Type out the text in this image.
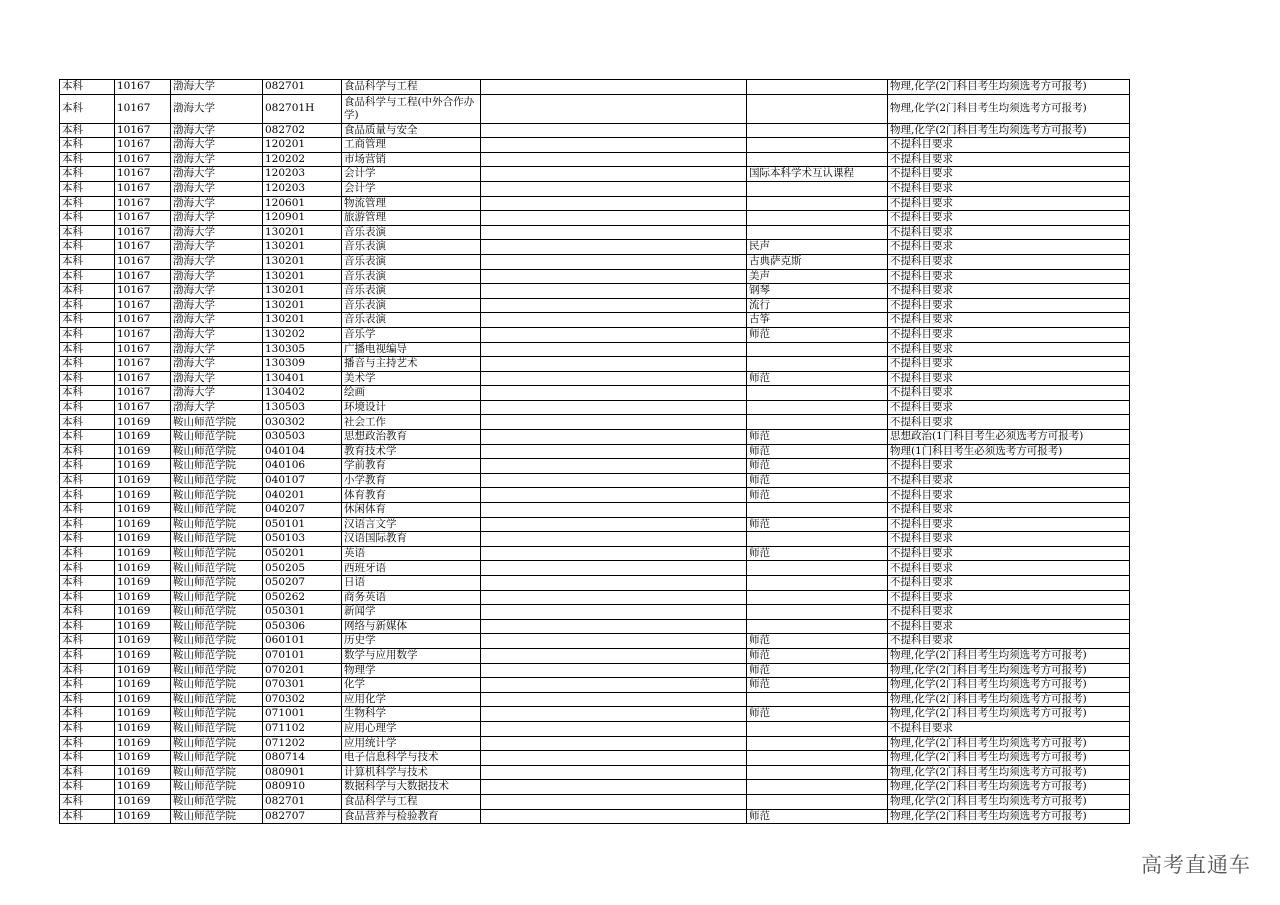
本科	10167	渤海大学	082701	食品科学与工程			物理,化学(2门科目考生均须选考方可报考)
本科	10167	渤海大学	082701H	食品科学与工程(中外合作办学)			物理,化学(2门科目考生均须选考方可报考)
本科	10167	渤海大学	082702	食品质量与安全			物理,化学(2门科目考生均须选考方可报考)
本科	10167	渤海大学	120201	工商管理			不提科目要求
本科	10167	渤海大学	120202	市场营销			不提科目要求
本科	10167	渤海大学	120203	会计学		国际本科学术互认课程	不提科目要求
本科	10167	渤海大学	120203	会计学			不提科目要求
本科	10167	渤海大学	120601	物流管理			不提科目要求
本科	10167	渤海大学	120901	旅游管理			不提科目要求
本科	10167	渤海大学	130201	音乐表演			不提科目要求
本科	10167	渤海大学	130201	音乐表演		民声	不提科目要求
本科	10167	渤海大学	130201	音乐表演		古典萨克斯	不提科目要求
本科	10167	渤海大学	130201	音乐表演		美声	不提科目要求
本科	10167	渤海大学	130201	音乐表演		钢琴	不提科目要求
本科	10167	渤海大学	130201	音乐表演		流行	不提科目要求
本科	10167	渤海大学	130201	音乐表演		古筝	不提科目要求
本科	10167	渤海大学	130202	音乐学		师范	不提科目要求
本科	10167	渤海大学	130305	广播电视编导			不提科目要求
本科	10167	渤海大学	130309	播音与主持艺术			不提科目要求
本科	10167	渤海大学	130401	美术学		师范	不提科目要求
本科	10167	渤海大学	130402	绘画			不提科目要求
本科	10167	渤海大学	130503	环境设计			不提科目要求
本科	10169	鞍山师范学院	030302	社会工作			不提科目要求
本科	10169	鞍山师范学院	030503	思想政治教育		师范	思想政治(1门科目考生必须选考方可报考)
本科	10169	鞍山师范学院	040104	教育技术学		师范	物理(1门科目考生必须选考方可报考)
本科	10169	鞍山师范学院	040106	学前教育		师范	不提科目要求
本科	10169	鞍山师范学院	040107	小学教育		师范	不提科目要求
本科	10169	鞍山师范学院	040201	体育教育		师范	不提科目要求
本科	10169	鞍山师范学院	040207	休闲体育			不提科目要求
本科	10169	鞍山师范学院	050101	汉语言文学		师范	不提科目要求
本科	10169	鞍山师范学院	050103	汉语国际教育			不提科目要求
本科	10169	鞍山师范学院	050201	英语		师范	不提科目要求
本科	10169	鞍山师范学院	050205	西班牙语			不提科目要求
本科	10169	鞍山师范学院	050207	日语			不提科目要求
本科	10169	鞍山师范学院	050262	商务英语			不提科目要求
本科	10169	鞍山师范学院	050301	新闻学			不提科目要求
本科	10169	鞍山师范学院	050306	网络与新媒体			不提科目要求
本科	10169	鞍山师范学院	060101	历史学		师范	不提科目要求
本科	10169	鞍山师范学院	070101	数学与应用数学		师范	物理,化学(2门科目考生均须选考方可报考)
本科	10169	鞍山师范学院	070201	物理学		师范	物理,化学(2门科目考生均须选考方可报考)
本科	10169	鞍山师范学院	070301	化学		师范	物理,化学(2门科目考生均须选考方可报考)
本科	10169	鞍山师范学院	070302	应用化学			物理,化学(2门科目考生均须选考方可报考)
本科	10169	鞍山师范学院	071001	生物科学		师范	物理,化学(2门科目考生均须选考方可报考)
本科	10169	鞍山师范学院	071102	应用心理学			不提科目要求
本科	10169	鞍山师范学院	071202	应用统计学			物理,化学(2门科目考生均须选考方可报考)
本科	10169	鞍山师范学院	080714	电子信息科学与技术			物理,化学(2门科目考生均须选考方可报考)
本科	10169	鞍山师范学院	080901	计算机科学与技术			物理,化学(2门科目考生均须选考方可报考)
本科	10169	鞍山师范学院	080910	数据科学与大数据技术			物理,化学(2门科目考生均须选考方可报考)
本科	10169	鞍山师范学院	082701	食品科学与工程			物理,化学(2门科目考生均须选考方可报考)
本科	10169	鞍山师范学院	082707	食品营养与检验教育		师范	物理,化学(2门科目考生均须选考方可报考)
高考直通车
